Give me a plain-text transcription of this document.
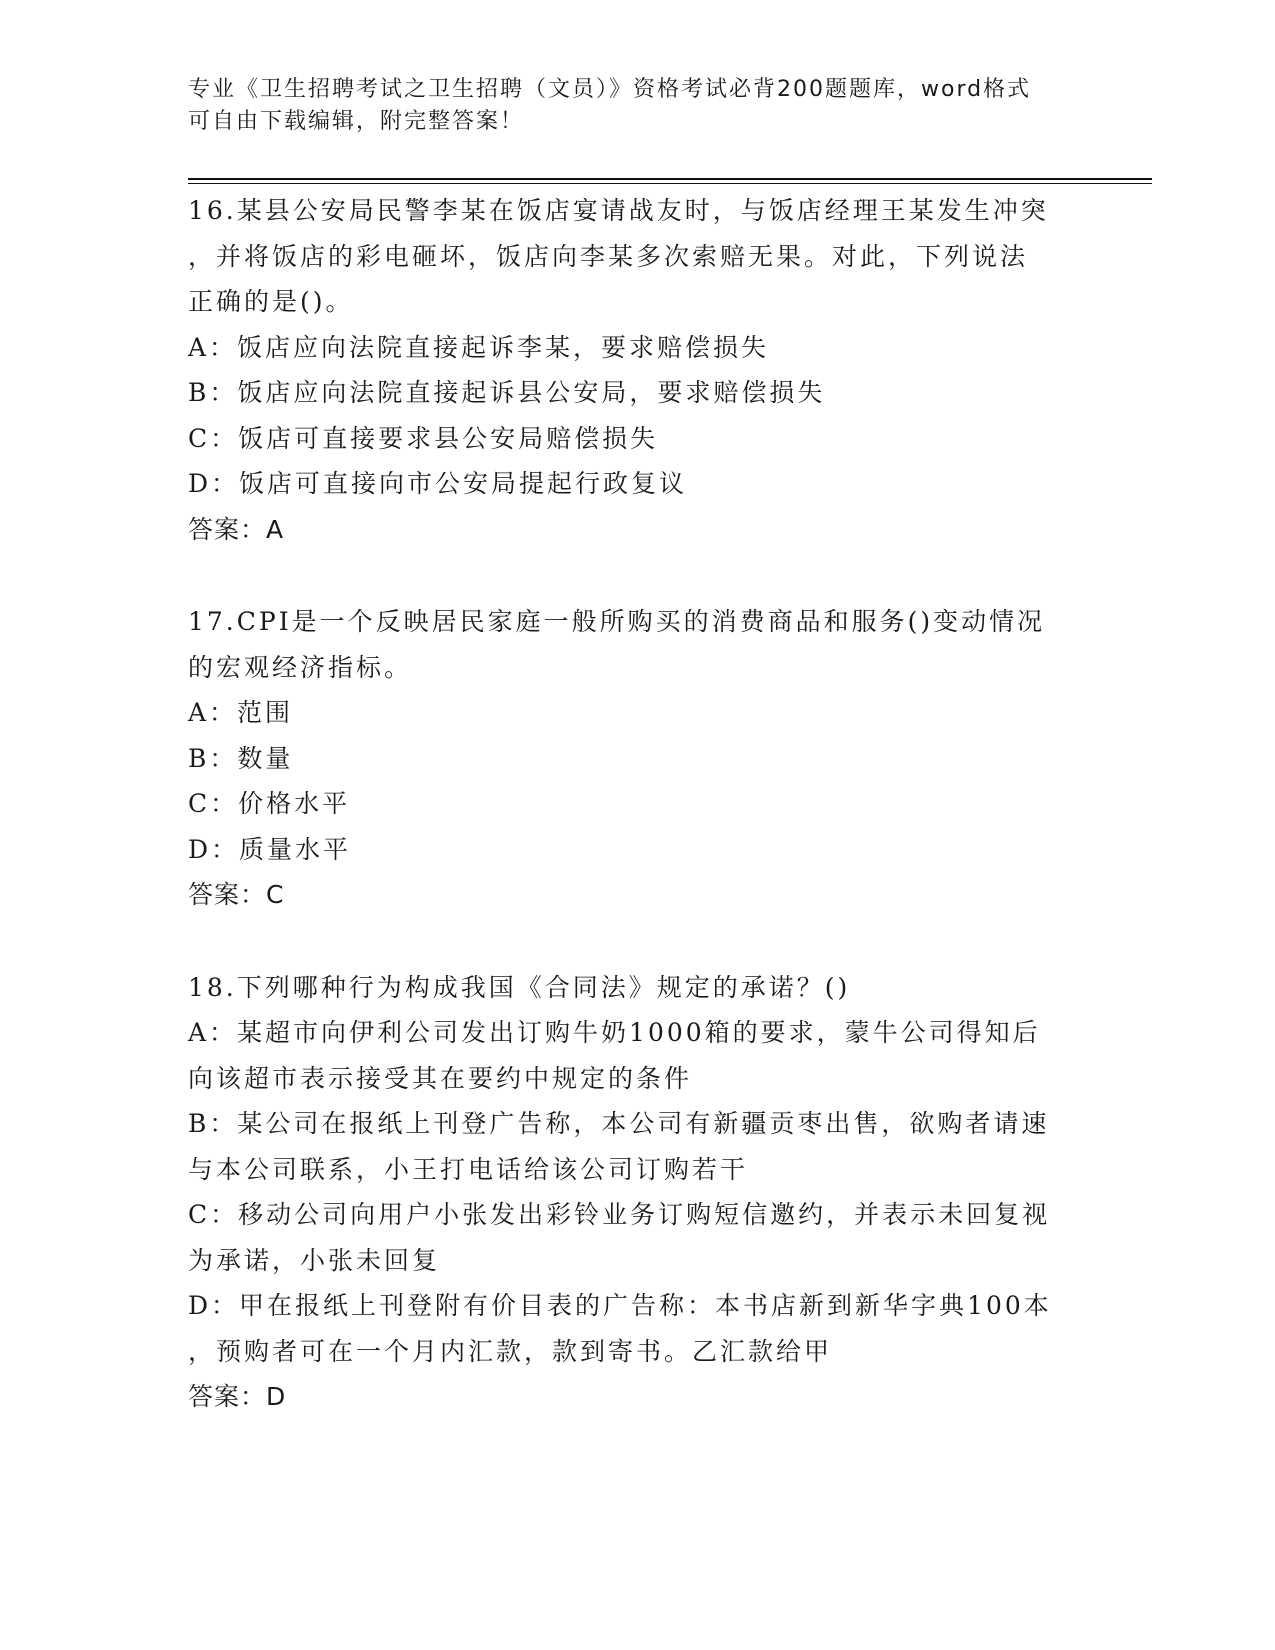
专业《卫生招聘考试之卫生招聘（文员）》资格考试必背200题题库，word格式
可自由下载编辑，附完整答案！
16.某县公安局民警李某在饭店宴请战友时，与饭店经理王某发生冲突
，并将饭店的彩电砸坏，饭店向李某多次索赔无果。对此，下列说法
正确的是()。
A：饭店应向法院直接起诉李某，要求赔偿损失
B：饭店应向法院直接起诉县公安局，要求赔偿损失
C：饭店可直接要求县公安局赔偿损失
D：饭店可直接向市公安局提起行政复议
答案：A
17.CPI是一个反映居民家庭一般所购买的消费商品和服务()变动情况
的宏观经济指标。
A：范围
B：数量
C：价格水平
D：质量水平
答案：C
18.下列哪种行为构成我国《合同法》规定的承诺？()
A：某超市向伊利公司发出订购牛奶1000箱的要求，蒙牛公司得知后
向该超市表示接受其在要约中规定的条件
B：某公司在报纸上刊登广告称，本公司有新疆贡枣出售，欲购者请速
与本公司联系，小王打电话给该公司订购若干
C：移动公司向用户小张发出彩铃业务订购短信邀约，并表示未回复视
为承诺，小张未回复
D：甲在报纸上刊登附有价目表的广告称：本书店新到新华字典100本
，预购者可在一个月内汇款，款到寄书。乙汇款给甲
答案：D
